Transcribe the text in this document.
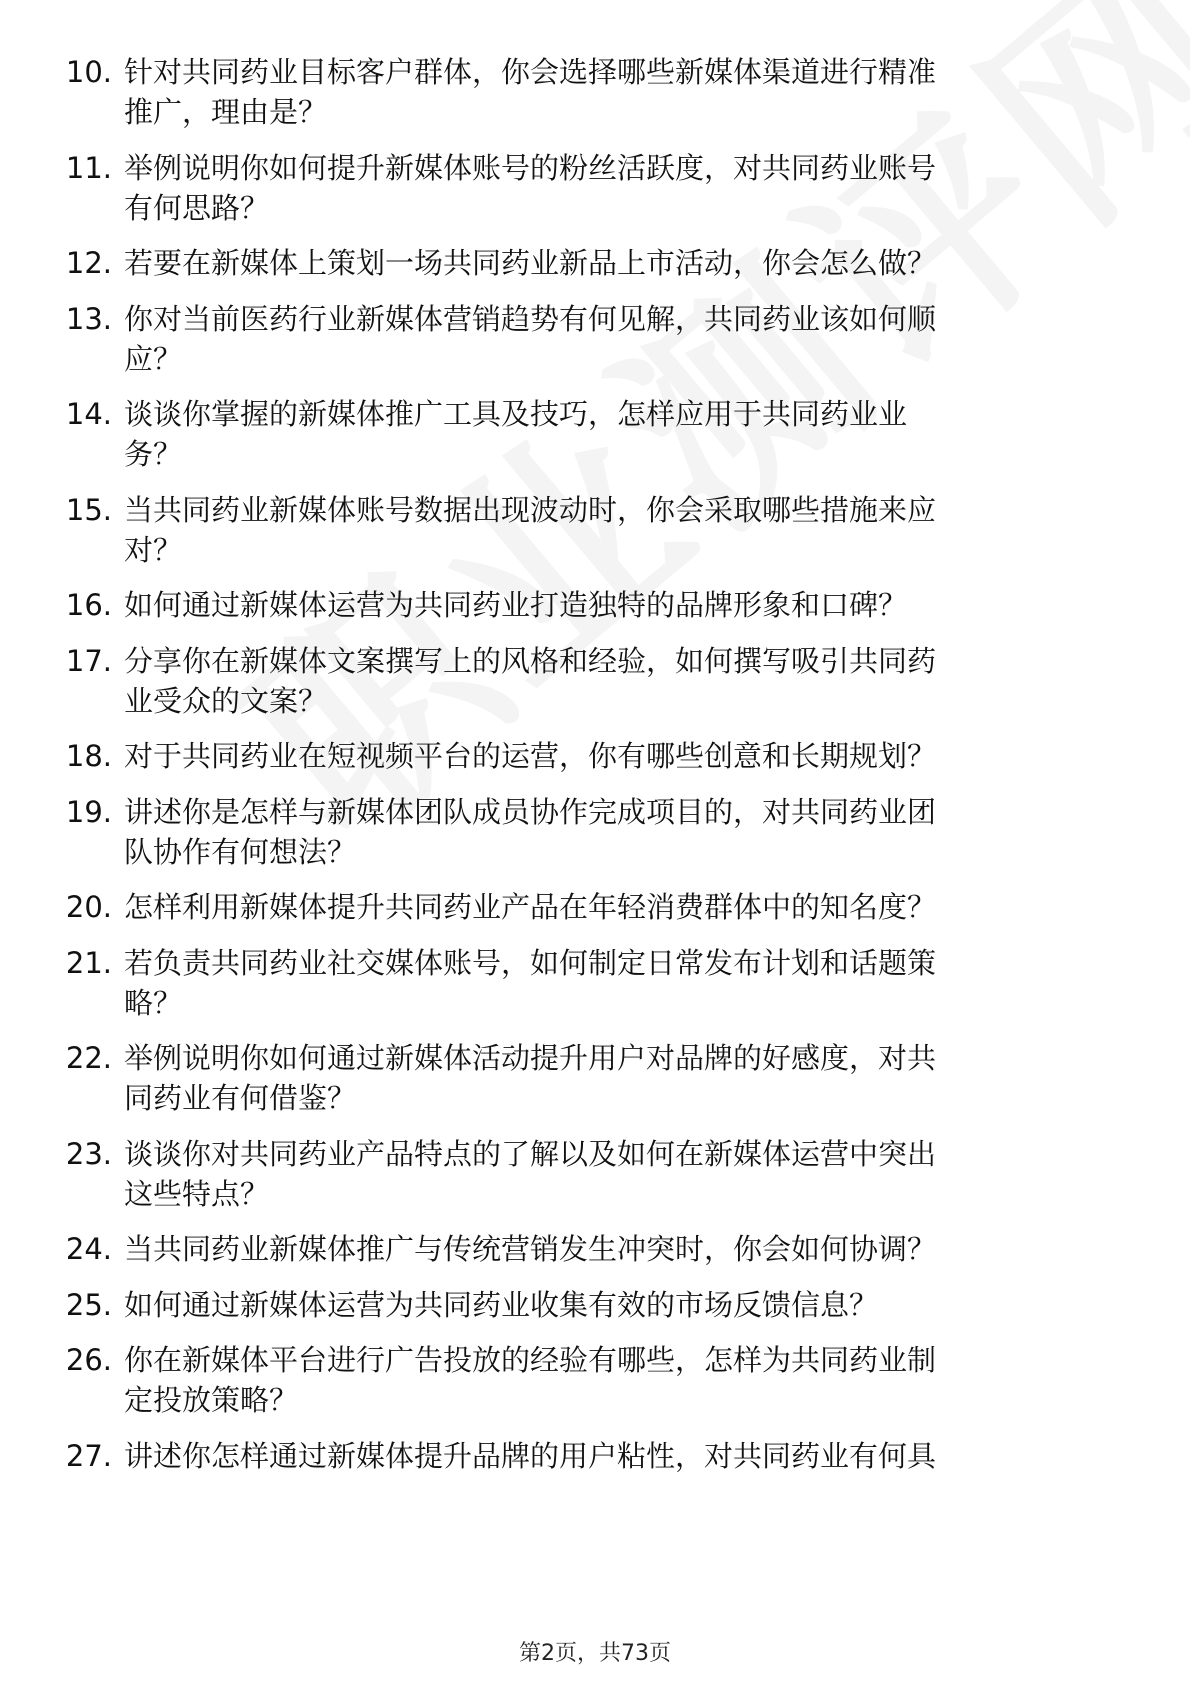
10. 针对共同药业目标客户群体，你会选择哪些新媒体渠道进行精准
推广，理由是？
11. 举例说明你如何提升新媒体账号的粉丝活跃度，对共同药业账号
有何思路？
12. 若要在新媒体上策划一场共同药业新品上市活动，你会怎么做？
13. 你对当前医药行业新媒体营销趋势有何见解，共同药业该如何顺
应？
14. 谈谈你掌握的新媒体推广工具及技巧，怎样应用于共同药业业
务？
15. 当共同药业新媒体账号数据出现波动时，你会采取哪些措施来应
对？
16. 如何通过新媒体运营为共同药业打造独特的品牌形象和口碑？
17. 分享你在新媒体文案撰写上的风格和经验，如何撰写吸引共同药
业受众的文案？
18. 对于共同药业在短视频平台的运营，你有哪些创意和长期规划？
19. 讲述你是怎样与新媒体团队成员协作完成项目的，对共同药业团
队协作有何想法？
20. 怎样利用新媒体提升共同药业产品在年轻消费群体中的知名度？
21. 若负责共同药业社交媒体账号，如何制定日常发布计划和话题策
略？
22. 举例说明你如何通过新媒体活动提升用户对品牌的好感度，对共
同药业有何借鉴？
23. 谈谈你对共同药业产品特点的了解以及如何在新媒体运营中突出
这些特点？
24. 当共同药业新媒体推广与传统营销发生冲突时，你会如何协调？
25. 如何通过新媒体运营为共同药业收集有效的市场反馈信息？
26. 你在新媒体平台进行广告投放的经验有哪些，怎样为共同药业制
定投放策略？
27. 讲述你怎样通过新媒体提升品牌的用户粘性，对共同药业有何具
第2页，共73页
